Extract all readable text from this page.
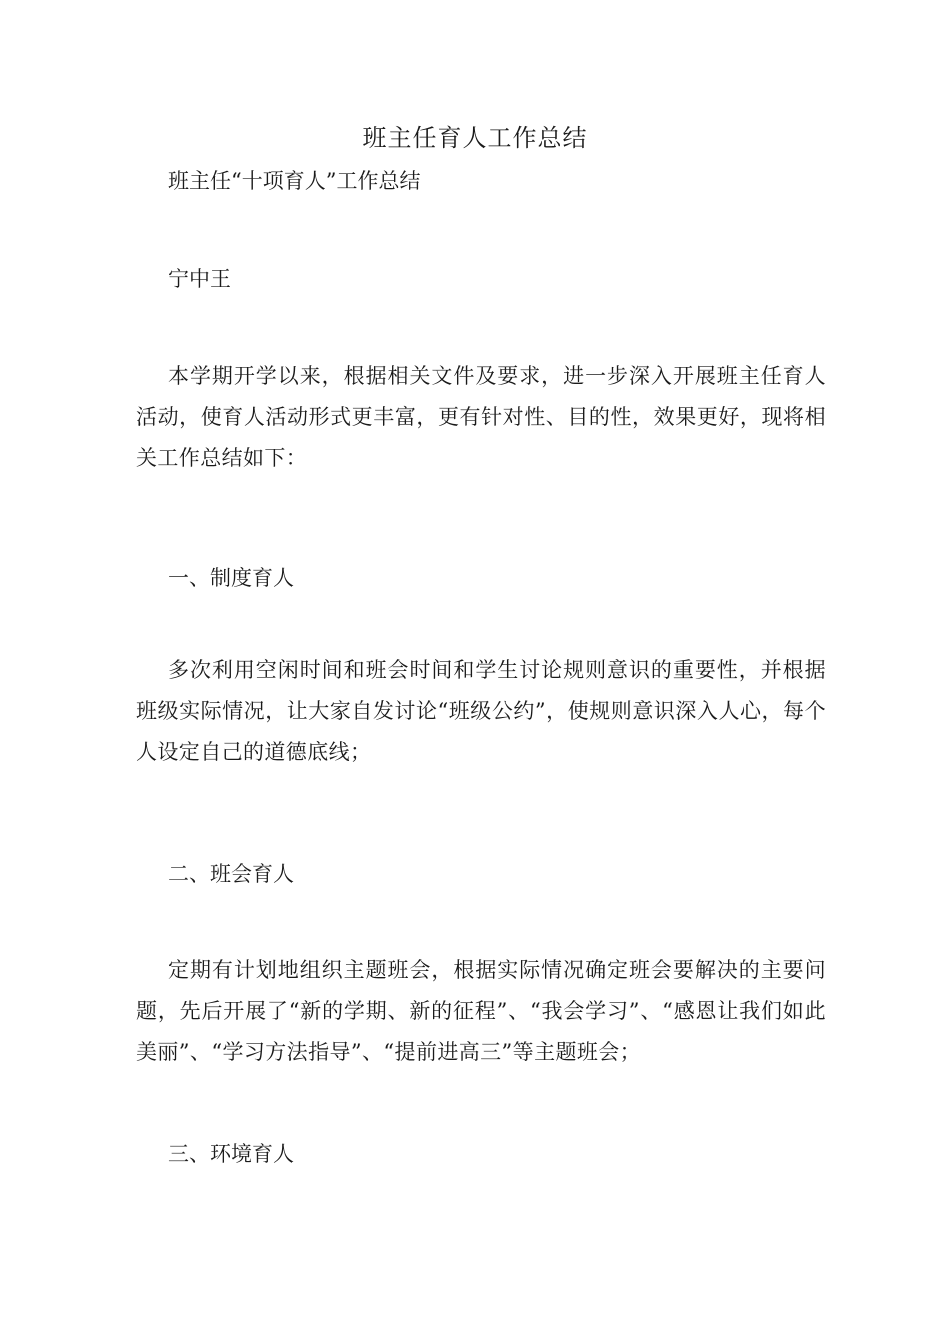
班主任育人工作总结
班主任“十项育人”工作总结
宁中王
本学期开学以来，根据相关文件及要求，进一步深入开展班主任育人活动，使育人活动形式更丰富，更有针对性、目的性，效果更好，现将相关工作总结如下：
一、制度育人
多次利用空闲时间和班会时间和学生讨论规则意识的重要性，并根据班级实际情况，让大家自发讨论“班级公约”，使规则意识深入人心，每个人设定自己的道德底线；
二、班会育人
定期有计划地组织主题班会，根据实际情况确定班会要解决的主要问题，先后开展了“新的学期、新的征程”、“我会学习”、“感恩让我们如此美丽”、“学习方法指导”、“提前进高三”等主题班会；
三、环境育人
